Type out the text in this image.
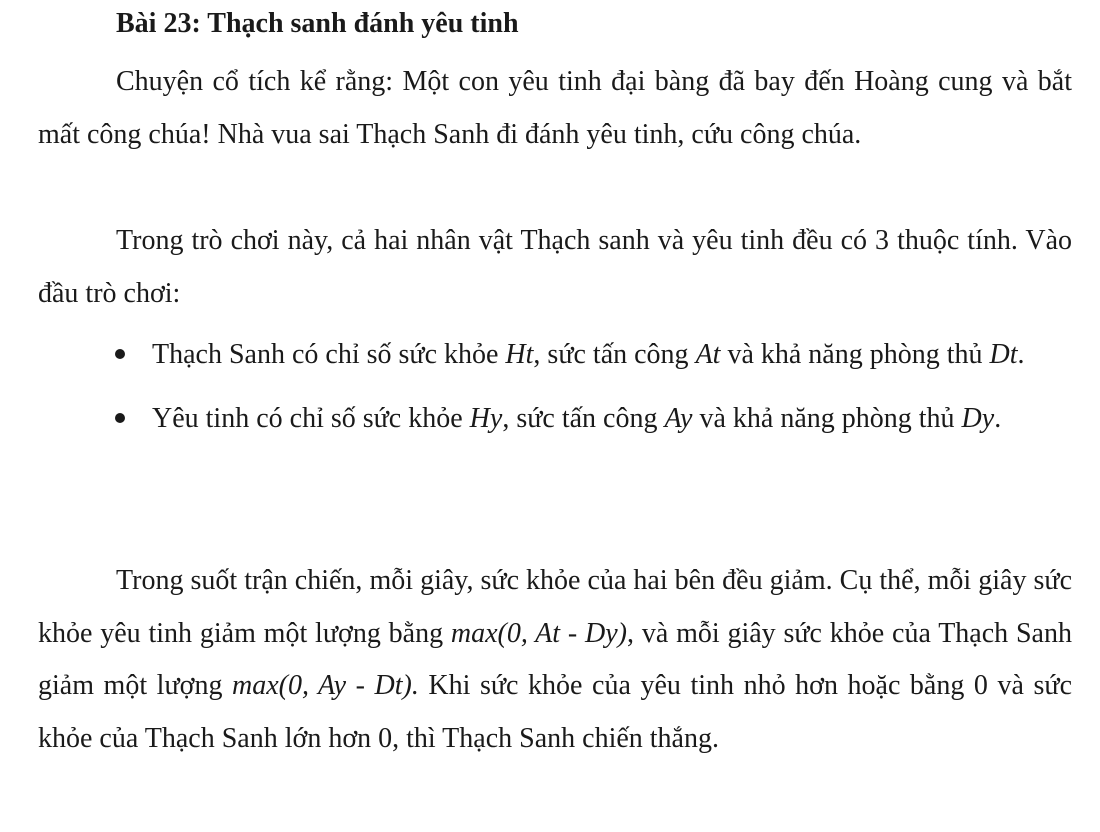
Bài 23: Thạch sanh đánh yêu tinh

Chuyện cổ tích kể rằng: Một con yêu tinh đại bàng đã bay đến Hoàng cung và bắt mất công chúa! Nhà vua sai Thạch Sanh đi đánh yêu tinh, cứu công chúa.

Trong trò chơi này, cả hai nhân vật Thạch sanh và yêu tinh đều có 3 thuộc tính. Vào đầu trò chơi:

Thạch Sanh có chỉ số sức khỏe Ht, sức tấn công At và khả năng phòng thủ Dt.
Yêu tinh có chỉ số sức khỏe Hy, sức tấn công Ay và khả năng phòng thủ Dy.

Trong suốt trận chiến, mỗi giây, sức khỏe của hai bên đều giảm. Cụ thể, mỗi giây sức khỏe yêu tinh giảm một lượng bằng max(0, At - Dy), và mỗi giây sức khỏe của Thạch Sanh giảm một lượng max(0, Ay - Dt). Khi sức khỏe của yêu tinh nhỏ hơn hoặc bằng 0 và sức khỏe của Thạch Sanh lớn hơn 0, thì Thạch Sanh chiến thắng.
